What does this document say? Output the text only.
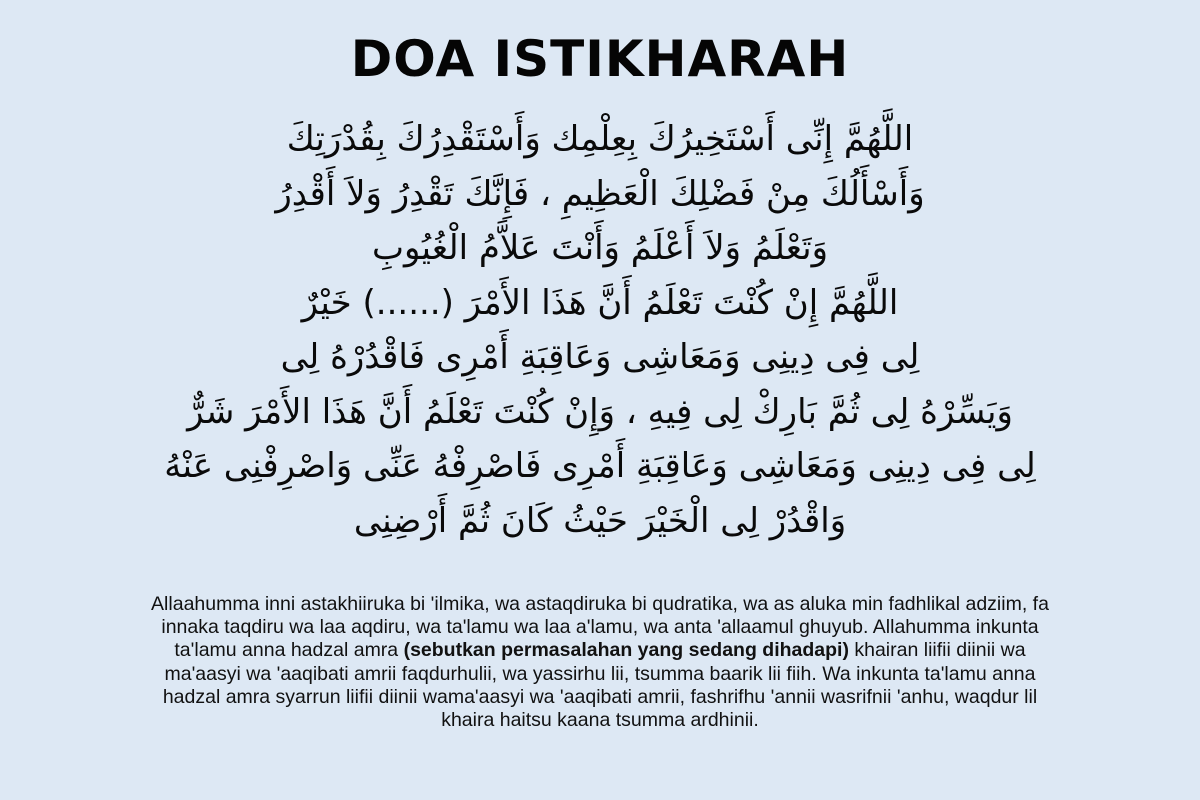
DOA ISTIKHARAH
اللَّهُمَّ إِنِّى أَسْتَخِيرُكَ بِعِلْمِك وَأَسْتَقْدِرُكَ بِقُدْرَتِكَ
وَأَسْأَلُكَ مِنْ فَضْلِكَ الْعَظِيمِ ، فَإِنَّكَ تَقْدِرُ وَلاَ أَقْدِرُ
وَتَعْلَمُ وَلاَ أَعْلَمُ وَأَنْتَ عَلاَّمُ الْغُيُوبِ
اللَّهُمَّ إِنْ كُنْتَ تَعْلَمُ أَنَّ هَذَا الأَمْرَ (......) خَيْرٌ
لِى فِى دِينِى وَمَعَاشِى وَعَاقِبَةِ أَمْرِى فَاقْدُرْهُ لِى
وَيَسِّرْهُ لِى ثُمَّ بَارِكْ لِى فِيهِ ، وَإِنْ كُنْتَ تَعْلَمُ أَنَّ هَذَا الأَمْرَ شَرٌّ
لِى فِى دِينِى وَمَعَاشِى وَعَاقِبَةِ أَمْرِى فَاصْرِفْهُ عَنِّى وَاصْرِفْنِى عَنْهُ
وَاقْدُرْ لِى الْخَيْرَ حَيْثُ كَانَ ثُمَّ أَرْضِنِى

Allaahumma inni astakhiiruka bi 'ilmika, wa astaqdiruka bi qudratika, wa as aluka min fadhlikal adziim, fa innaka taqdiru wa laa aqdiru, wa ta'lamu wa laa a'lamu, wa anta 'allaamul ghuyub. Allahumma inkunta ta'lamu anna hadzal amra (sebutkan permasalahan yang sedang dihadapi) khairan liifii diinii wa ma'aasyi wa 'aaqibati amrii faqdurhulii, wa yassirhu lii, tsumma baarik lii fiih. Wa inkunta ta'lamu anna hadzal amra syarrun liifii diinii wama'aasyi wa 'aaqibati amrii, fashrifhu 'annii wasrifnii 'anhu, waqdur lil khaira haitsu kaana tsumma ardhinii.
